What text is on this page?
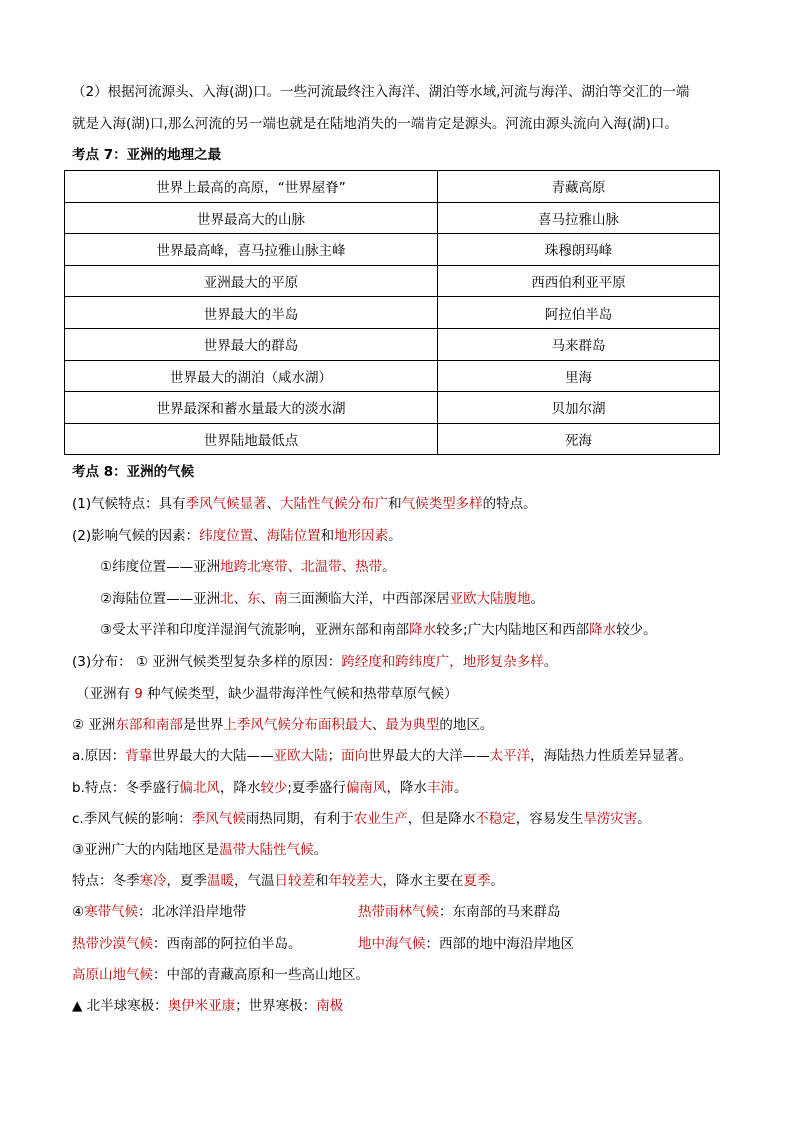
（2）根据河流源头、入海(湖)口。一些河流最终注入海洋、湖泊等水域,河流与海洋、湖泊等交汇的一端
就是入海(湖)口,那么河流的另一端也就是在陆地消失的一端肯定是源头。河流由源头流向入海(湖)口。
考点 7：亚洲的地理之最
世界上最高的高原，“世界屋脊”	青藏高原
世界最高大的山脉	喜马拉雅山脉
世界最高峰，喜马拉雅山脉主峰	珠穆朗玛峰
亚洲最大的平原	西西伯利亚平原
世界最大的半岛	阿拉伯半岛
世界最大的群岛	马来群岛
世界最大的湖泊（咸水湖）	里海
世界最深和蓄水量最大的淡水湖	贝加尔湖
世界陆地最低点	死海
考点 8：亚洲的气候
(1)气候特点：具有季风气候显著、大陆性气候分布广和气候类型多样的特点。
(2)影响气候的因素：纬度位置、海陆位置和地形因素。
①纬度位置——亚洲地跨北寒带、北温带、热带。
②海陆位置——亚洲北、东、南三面濒临大洋，中西部深居亚欧大陆腹地。
③受太平洋和印度洋湿润气流影响，亚洲东部和南部降水较多;广大内陆地区和西部降水较少。
(3)分布： ① 亚洲气候类型复杂多样的原因：跨经度和跨纬度广，地形复杂多样。
（亚洲有 9 种气候类型，缺少温带海洋性气候和热带草原气候）
② 亚洲东部和南部是世界上季风气候分布面积最大、最为典型的地区。
a.原因：背靠世界最大的大陆——亚欧大陆；面向世界最大的大洋——太平洋，海陆热力性质差异显著。
b.特点：冬季盛行偏北风，降水较少;夏季盛行偏南风，降水丰沛。
c.季风气候的影响：季风气候雨热同期，有利于农业生产，但是降水不稳定，容易发生旱涝灾害。
③亚洲广大的内陆地区是温带大陆性气候。
特点：冬季寒冷，夏季温暖，气温日较差和年较差大，降水主要在夏季。
④寒带气候：北冰洋沿岸地带	热带雨林气候：东南部的马来群岛
热带沙漠气候：西南部的阿拉伯半岛。	地中海气候：西部的地中海沿岸地区
高原山地气候：中部的青藏高原和一些高山地区。
▲ 北半球寒极：奥伊米亚康；世界寒极：南极
